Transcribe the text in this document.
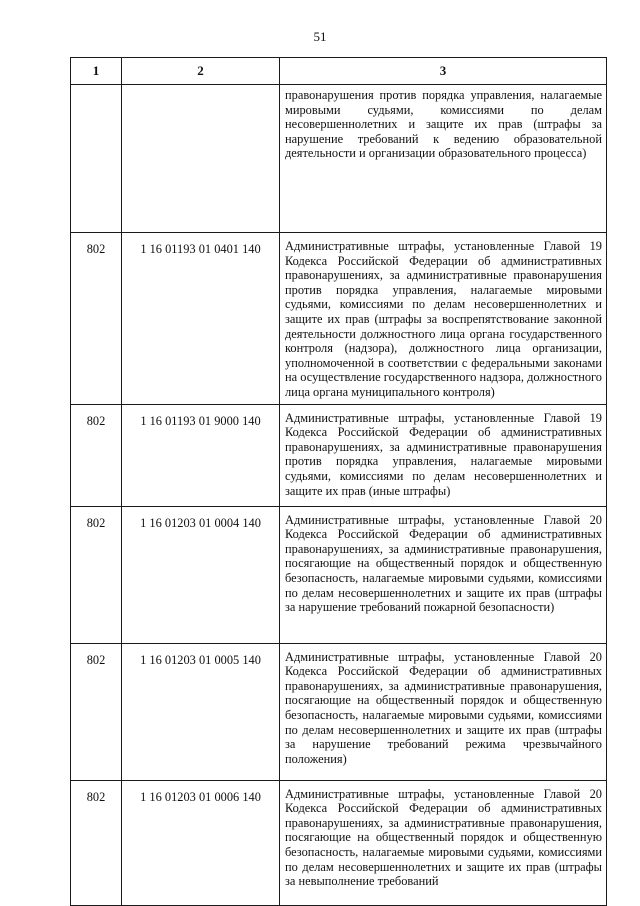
51
1	2	3
		правонарушения против порядка управления, налагаемые мировыми судьями, комиссиями по делам несовершеннолетних и защите их прав (штрафы за нарушение требований к ведению образовательной деятельности и организации образовательного процесса)
802	1 16 01193 01 0401 140	Административные штрафы, установленные Главой 19 Кодекса Российской Федерации об административных правонарушениях, за административные правонарушения против порядка управления, налагаемые мировыми судьями, комиссиями по делам несовершеннолетних и защите их прав (штрафы за воспрепятствование законной деятельности должностного лица органа государственного контроля (надзора), должностного лица организации, уполномоченной в соответствии с федеральными законами на осуществление государственного надзора, должностного лица органа муниципального контроля)
802	1 16 01193 01 9000 140	Административные штрафы, установленные Главой 19 Кодекса Российской Федерации об административных правонарушениях, за административные правонарушения против порядка управления, налагаемые мировыми судьями, комиссиями по делам несовершеннолетних и защите их прав (иные штрафы)
802	1 16 01203 01 0004 140	Административные штрафы, установленные Главой 20 Кодекса Российской Федерации об административных правонарушениях, за административные правонарушения, посягающие на общественный порядок и общественную безопасность, налагаемые мировыми судьями, комиссиями по делам несовершеннолетних и защите их прав (штрафы за нарушение требований пожарной безопасности)
802	1 16 01203 01 0005 140	Административные штрафы, установленные Главой 20 Кодекса Российской Федерации об административных правонарушениях, за административные правонарушения, посягающие на общественный порядок и общественную безопасность, налагаемые мировыми судьями, комиссиями по делам несовершеннолетних и защите их прав (штрафы за нарушение требований режима чрезвычайного положения)
802	1 16 01203 01 0006 140	Административные штрафы, установленные Главой 20 Кодекса Российской Федерации об административных правонарушениях, за административные правонарушения, посягающие на общественный порядок и общественную безопасность, налагаемые мировыми судьями, комиссиями по делам несовершеннолетних и защите их прав (штрафы за невыполнение требований
